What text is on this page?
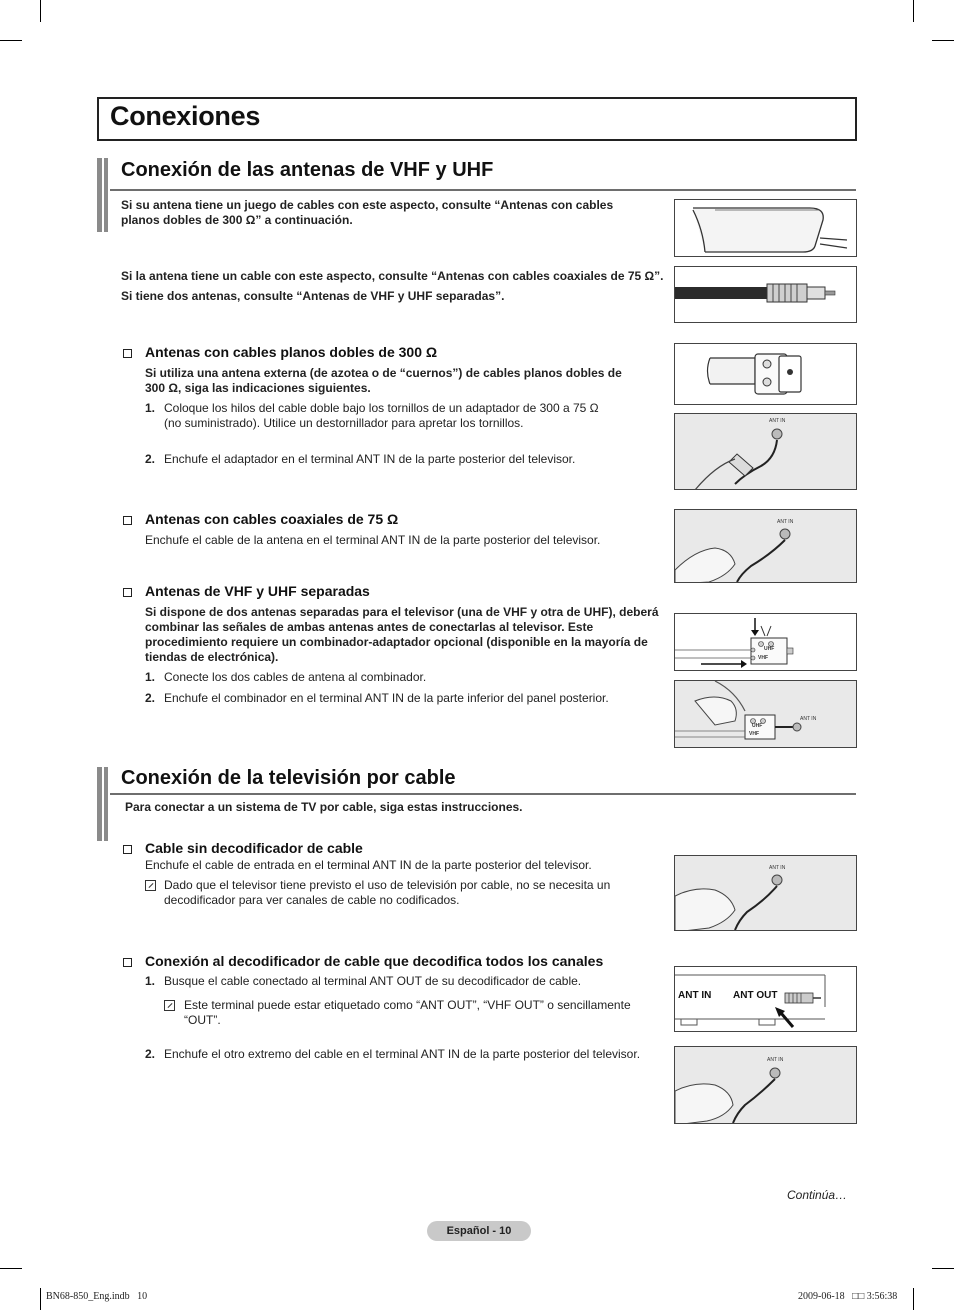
Conexiones
Conexión de las antenas de VHF y UHF
Si su antena tiene un juego de cables con este aspecto, consulte “Antenas con cables planos dobles de 300 Ω” a continuación.
Si la antena tiene un cable con este aspecto, consulte “Antenas con cables coaxiales de 75 Ω”.
Si tiene dos antenas, consulte “Antenas de VHF y UHF separadas”.
Antenas con cables planos dobles de 300 Ω
Si utiliza una antena externa (de azotea o de “cuernos”) de cables planos dobles de 300 Ω, siga las indicaciones siguientes.
1. Coloque los hilos del cable doble bajo los tornillos de un adaptador de 300 a 75 Ω (no suministrado). Utilice un destornillador para apretar los tornillos.
2. Enchufe el adaptador en el terminal ANT IN de la parte posterior del televisor.
ANT IN
Antenas con cables coaxiales de 75 Ω
Enchufe el cable de la antena en el terminal ANT IN de la parte posterior del televisor.
ANT IN
Antenas de VHF y UHF separadas
Si dispone de dos antenas separadas para el televisor (una de VHF y otra de UHF), deberá combinar las señales de ambas antenas antes de conectarlas al televisor. Este procedimiento requiere un combinador-adaptador opcional (disponible en la mayoría de tiendas de electrónica).
1. Conecte los dos cables de antena al combinador.
2. Enchufe el combinador en el terminal ANT IN de la parte inferior del panel posterior.
UHF
VHF
UHF
VHF
ANT IN
Conexión de la televisión por cable
Para conectar a un sistema de TV por cable, siga estas instrucciones.
Cable sin decodificador de cable
Enchufe el cable de entrada en el terminal ANT IN de la parte posterior del televisor.
Dado que el televisor tiene previsto el uso de televisión por cable, no se necesita un decodificador para ver canales de cable no codificados.
ANT IN
Conexión al decodificador de cable que decodifica todos los canales
1. Busque el cable conectado al terminal ANT OUT de su decodificador de cable.
Este terminal puede estar etiquetado como “ANT OUT”, “VHF OUT” o sencillamente “OUT”.
2. Enchufe el otro extremo del cable en el terminal ANT IN de la parte posterior del televisor.
ANT IN ANT OUT
ANT IN
Continúa…
Español - 10
BN68-850_Eng.indb   10	2009-06-18   □□ 3:56:38
